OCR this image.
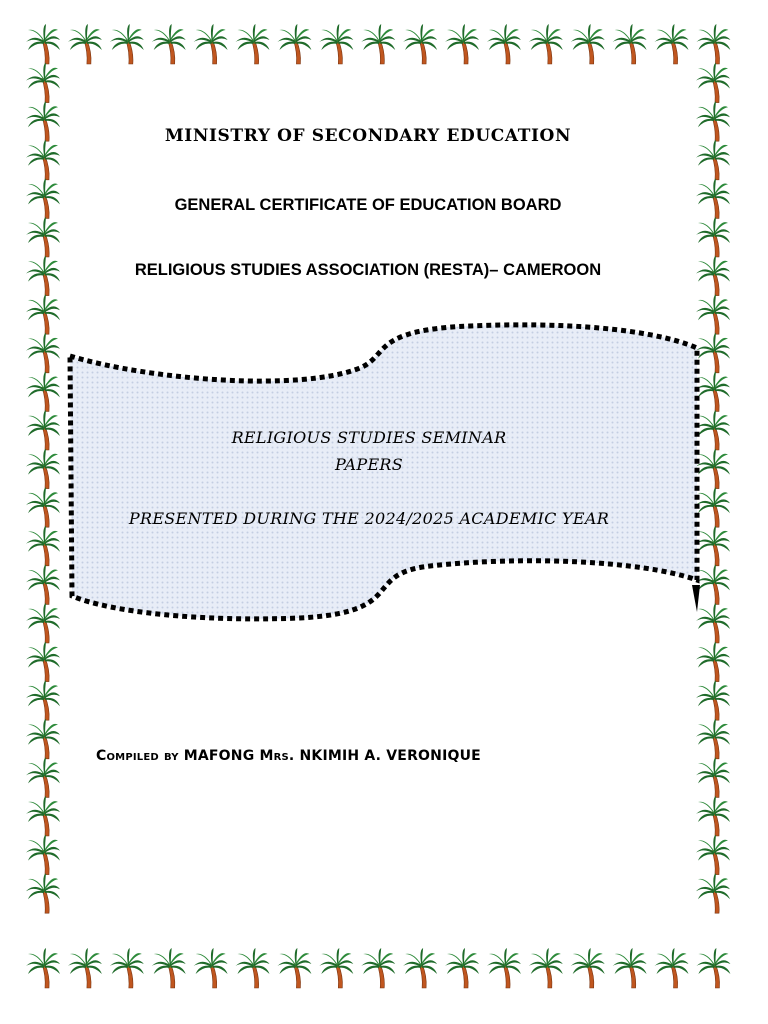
MINISTRY OF SECONDARY EDUCATION
GENERAL CERTIFICATE OF EDUCATION BOARD
RELIGIOUS STUDIES ASSOCIATION (RESTA)– CAMEROON

RELIGIOUS STUDIES SEMINAR

PAPERS

PRESENTED DURING THE 2024/2025 ACADEMIC YEAR

Compiled by MAFONG Mrs. NKIMIH A. VERONIQUE
